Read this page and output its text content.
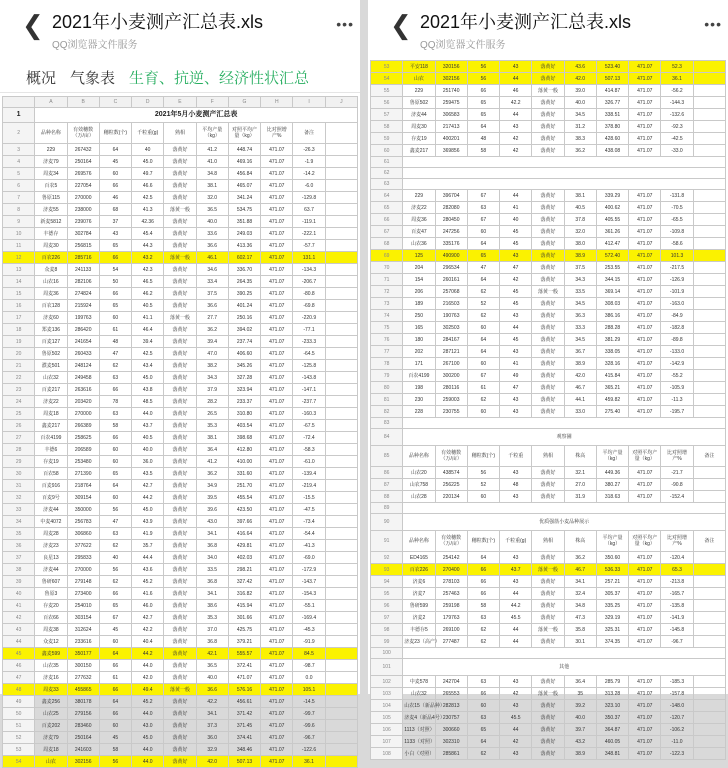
❮ 2021年小麦测产汇总表.xls
QQ浏览器文件服务
•••
概况 气象表 生育、抗逆、经济性状汇总
	A	B	C	D	E	F	G	H	I	J
1	2021年5月小麦测产汇总表									
2	品种名称	有效穗数（万/亩）	穗粒数(个)	千粒重(g)	熟相	平均产量（kg）	对照平均产量（kg）	比对照增产%	备注	
3	229	267432	64	40	落黄好	41.2	448.74	471.07	-26.3	
4	济麦79	250164	45	45.0	落黄好	41.0	469.16	471.07	-1.9	
5	周麦34	269576	60	49.7	落黄好	34.8	456.84	471.07	-14.2	
6	百农5	227054	66	46.6	落黄好	38.1	465.07	471.07	-6.0	
7	鲁原115	270000	46	42.5	落黄好	32.0	341.24	471.07	-129.8	
8	济麦55	238000	68	41.3	落黄一般	36.5	534.75	471.07	63.7	
9	新麦5812	239076	37	42.36	落黄好	40.0	351.88	471.07	-119.1	
10	丰德存	302784	43	45.4	落黄好	33.6	249.03	471.07	-222.1	
11	周麦30	256815	65	44.3	落黄好	36.6	413.36	471.07	-57.7	
12	百农226	285716	66	43.2	落黄一般	46.1	602.17	471.07	131.1	
13	众麦8	241133	54	42.3	落黄好	34.6	336.70	471.07	-134.3	
14	山农16	282106	50	46.5	落黄好	33.4	264.35	471.07	-206.7	
15	周麦36	274824	66	46.2	落黄好	37.5	390.25	471.07	-80.8	
16	百农128	215924	65	40.5	落黄好	36.6	401.24	471.07	-69.8	
17	济麦60	199763	60	41.1	落黄一般	27.7	250.16	471.07	-220.9	
18	郑麦136	286420	61	46.4	落黄好	36.2	394.02	471.07	-77.1	
19	百麦127	241654	48	39.4	落黄好	39.4	237.74	471.07	-233.3	
20	鲁原502	260433	47	42.5	落黄好	47.0	406.60	471.07	-64.5	
21	濮麦501	248124	62	43.4	落黄好	38.2	345.26	471.07	-125.8	
22	山农32	249458	63	45.0	落黄好	34.3	327.28	471.07	-143.8	
23	百麦217	263616	66	43.8	落黄好	37.9	323.94	471.07	-147.1	
24	济麦22	203420	78	48.5	落黄好	28.2	233.37	471.07	-237.7	
25	周麦18	270000	63	44.0	落黄好	26.5	310.80	471.07	-160.3	
26	鑫麦217	266389	58	43.7	落黄好	35.3	403.54	471.07	-67.5	
27	百农4199	258625	66	40.5	落黄好	38.1	398.68	471.07	-72.4	
28	丰德6	206589	60	40.0	落黄好	36.4	412.80	471.07	-58.3	
29	存麦19	253480	60	36.0	落黄好	41.2	410.00	471.07	-61.0	
30	百农58	271390	65	43.5	落黄好	36.2	331.60	471.07	-139.4	
31	百麦916	218764	64	42.7	落黄好	34.9	251.70	471.07	-219.4	
32	百麦9号	309154	60	44.2	落黄好	39.5	455.54	471.07	-15.5	
33	济麦44	350000	56	45.0	落黄好	39.6	423.50	471.07	-47.5	
34	中麦4072	256783	47	43.9	落黄好	43.0	397.66	471.07	-73.4	
35	周麦28	306860	63	41.9	落黄好	34.1	416.64	471.07	-54.4	
36	济麦23	377622	62	35.7	落黄好	36.8	429.81	471.07	-41.3	
37	良星13	295833	40	44.4	落黄好	34.0	402.03	471.07	-69.0	
38	济麦44	270000	56	43.6	落黄好	33.5	298.21	471.07	-172.9	
39	鲁研607	279148	62	45.2	落黄好	36.8	327.42	471.07	-143.7	
40	鲁原3	273400	66	41.6	落黄好	34.1	316.82	471.07	-154.3	
41	存麦20	254010	65	46.0	落黄好	38.6	415.94	471.07	-55.1	
42	百农66	303154	67	42.7	落黄好	35.3	301.66	471.07	-169.4	
43	周麦38	312624	45	42.2	落黄好	37.0	425.75	471.07	-45.3	
44	众麦12	233616	60	40.4	落黄好	36.8	379.21	471.07	-91.9	
45	鑫麦599	350177	64	44.2	落黄好	42.1	555.57	471.07	84.5	
46	山农35	300150	66	44.0	落黄好	36.5	372.41	471.07	-98.7	
47	济麦16	277632	61	42.0	落黄好	40.0	471.07	471.07	0.0	
48	周麦33	455865	66	49.4	落黄一般	36.6	576.16	471.07	105.1	
49	鑫麦256	380178	64	45.2	落黄好	42.2	456.61	471.07	-14.5	
50	山农25	279156	66	44.0	落黄好	34.1	371.42	471.07	-99.7	
51	百麦202	283460	60	43.0	落黄好	37.3	371.45	471.07	-99.6	
52	济麦79	250164	45	45.0	落黄好	36.0	374.41	471.07	-96.7	
53	周麦18	241603	58	44.0	落黄好	32.9	348.46	471.07	-122.6	
54	山农	302156	56	44.0	落黄好	42.0	507.13	471.07	36.1	
❮ 2021年小麦测产汇总表.xls
QQ浏览器文件服务
•••
53	平安118	320156	56	43	落黄好	43.6	523.40	471.07	52.3	
54	山农	302156	56	44	落黄好	42.0	507.13	471.07	36.1	
55	229	251740	66	46	落黄一般	39.0	414.87	471.07	-56.2	
56	鲁原502	259475	65	42.2	落黄好	40.0	326.77	471.07	-144.3	
57	济麦44	306583	65	44	落黄好	34.5	338.51	471.07	-132.6	
58	周麦30	217413	64	43	落黄好	31.2	378.80	471.07	-92.3	
59	存麦19	400201	48	42	落黄好	38.3	428.60	471.07	-42.5	
60	鑫麦217	369856	58	42	落黄好	36.2	438.08	471.07	-33.0	
61										
62										
63										
64	229	396704	67	44	落黄好	38.1	339.29	471.07	-131.8	
65	济麦22	282080	63	41	落黄好	40.5	400.62	471.07	-70.5	
66	周麦36	280450	67	40	落黄好	37.8	405.55	471.07	-65.5	
67	百麦47	247256	60	45	落黄好	32.0	361.26	471.07	-109.8	
68	山农36	335176	64	45	落黄好	38.0	412.47	471.07	-58.6	
69	125	490900	65	43	落黄好	38.9	572.40	471.07	101.3	
70	204	296534	47	47	落黄好	37.5	253.55	471.07	-217.5	
71	154	260161	64	42	落黄好	34.3	344.15	471.07	-126.9	
72	206	257068	62	45	落黄一般	33.5	369.14	471.07	-101.9	
73	189	216503	52	45	落黄好	34.5	308.03	471.07	-163.0	
74	250	190763	62	43	落黄好	36.3	386.16	471.07	-84.9	
75	165	302503	60	44	落黄好	33.3	288.28	471.07	-182.8	
76	180	284167	64	45	落黄好	34.5	381.29	471.07	-89.8	
77	202	287121	64	43	落黄好	36.7	338.05	471.07	-133.0	
78	171	267100	60	41	落黄好	38.9	328.16	471.07	-142.9	
79	百农4199	300200	67	49	落黄好	42.0	415.84	471.07	-55.2	
80	198	280116	61	47	落黄好	46.7	365.21	471.07	-105.9	
81	230	259003	62	43	落黄好	44.1	459.82	471.07	-11.3	
82	228	230755	60	43	落黄好	33.0	275.40	471.07	-195.7	
83										
84	观察圃									
85	品种名称	有效穗数（万/亩）	穗粒数(个)	千粒重	熟相	株高	平均产量（kg）	对照平均产量（kg）	比对照增产%	备注
86	山农20	438574	56	43	落黄好	32.1	449.36	471.07	-21.7	
87	山农758	256225	52	48	落黄好	27.0	380.27	471.07	-90.8	
88	山农28	220134	60	43	落黄好	31.9	318.63	471.07	-152.4	
89										
90	优质强筋小麦品种展示									
91	品种名称	有效穗数（万/亩）	穗粒数(个)	千粒重(g)	熟相	株高	平均产量（kg）	对照平均产量（kg）	比对照增产%	备注
92	ED4165	254142	64	43	落黄好	36.2	350.60	471.07	-120.4	
93	百农226	270400	66	43.7	落黄一般	46.7	536.33	471.07	65.3	
94	济麦6	278103	66	43	落黄好	34.1	257.21	471.07	-213.8	
95	济麦7	257463	66	44	落黄好	32.4	305.37	471.07	-165.7	
96	鲁研599	259198	58	44.2	落黄好	34.8	335.25	471.07	-135.8	
97	济麦2	179763	63	45.5	落黄好	47.3	329.19	471.07	-141.9	
98	丰德存5	269100	62	44	落黄一般	35.8	325.31	471.07	-145.8	
99	济麦23（高产）	277487	62	44	落黄好	30.1	374.35	471.07	-96.7	
100										
101	其他									
102	中麦578	242704	63	43	落黄好	36.4	285.79	471.07	-185.3	
103	山农32	265553	66	42	落黄一般	35	313.28	471.07	-157.8	
104	山农15（新品种）	282813	60	43	落黄好	39.2	323.10	471.07	-148.0	
105	济麦4（新品4号）	230757	63	45.5	落黄好	40.0	350.37	471.07	-120.7	
106	1113（对照）	300660	65	44	落黄好	39.7	364.87	471.07	-106.2	
107	1133（对照）	302310	64	42	落黄好	43.2	460.05	471.07	-11.0	
108	小白（对照）	285861	62	43	落黄好	38.9	348.81	471.07	-122.3	
